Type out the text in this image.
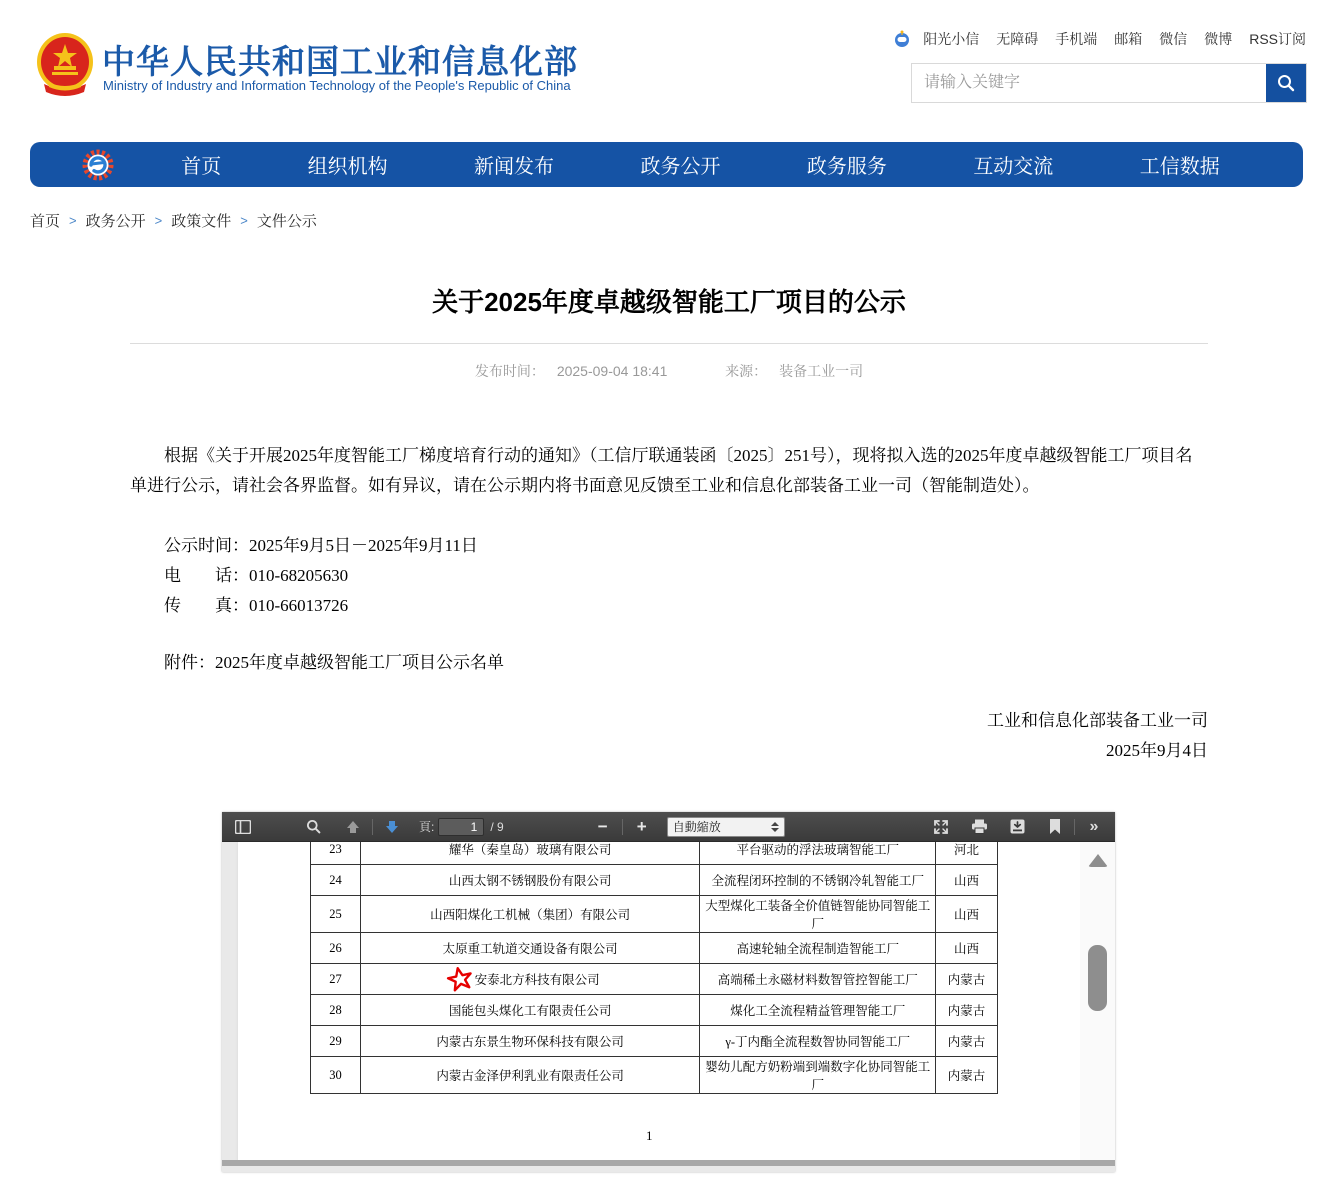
中华人民共和国工业和信息化部
Ministry of Industry and Information Technology of the People's Republic of China
阳光小信 无障碍 手机端 邮箱 微信 微博 RSS订阅
请输入关键字
首页	组织机构	新闻发布	政务公开	政务服务	互动交流	工信数据
首页 > 政务公开 > 政策文件 > 文件公示
关于2025年度卓越级智能工厂项目的公示
发布时间： 2025-09-04 18:41	来源： 装备工业一司

根据《关于开展2025年度智能工厂梯度培育行动的通知》（工信厅联通装函〔2025〕251号），现将拟入选的2025年度卓越级智能工厂项目名单进行公示，请社会各界监督。如有异议，请在公示期内将书面意见反馈至工业和信息化部装备工业一司（智能制造处）。

公示时间：2025年9月5日－2025年9月11日

电　　话：010-68205630

传　　真：010-66013726

附件：2025年度卓越级智能工厂项目公示名单

工业和信息化部装备工业一司

2025年9月4日

頁:
1	/ 9	−	+	自動縮放	»
23	耀华（秦皇岛）玻璃有限公司	平台驱动的浮法玻璃智能工厂	河北
24	山西太钢不锈钢股份有限公司	全流程闭环控制的不锈钢冷轧智能工厂	山西
25	山西阳煤化工机械（集团）有限公司	大型煤化工装备全价值链智能协同智能工厂	山西
26	太原重工轨道交通设备有限公司	高速轮轴全流程制造智能工厂	山西
27	安泰北方科技有限公司	高端稀土永磁材料数智管控智能工厂	内蒙古
28	国能包头煤化工有限责任公司	煤化工全流程精益管理智能工厂	内蒙古
29	内蒙古东景生物环保科技有限公司	γ-丁内酯全流程数智协同智能工厂	内蒙古
30	内蒙古金泽伊利乳业有限责任公司	婴幼儿配方奶粉端到端数字化协同智能工厂	内蒙古
1
